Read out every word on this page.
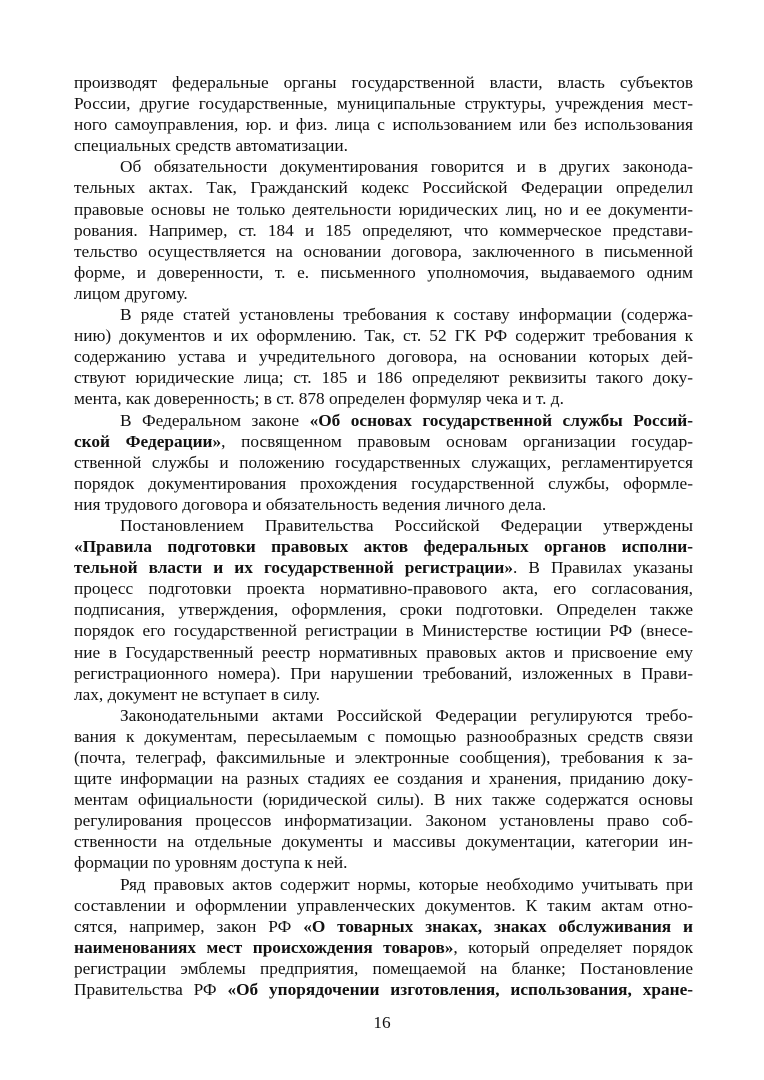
производят федеральные органы государственной власти, власть субъектов
России, другие государственные, муниципальные структуры, учреждения мест-
ного самоуправления, юр. и физ. лица с использованием или без использования
специальных средств автоматизации.
Об обязательности документирования говорится и в других законода-
тельных актах. Так, Гражданский кодекс Российской Федерации определил
правовые основы не только деятельности юридических лиц, но и ее документи-
рования. Например, ст. 184 и 185 определяют, что коммерческое представи-
тельство осуществляется на основании договора, заключенного в письменной
форме, и доверенности, т. е. письменного уполномочия, выдаваемого одним
лицом другому.
В ряде статей установлены требования к составу информации (содержа-
нию) документов и их оформлению. Так, ст. 52 ГК РФ содержит требования к
содержанию устава и учредительного договора, на основании которых дей-
ствуют юридические лица; ст. 185 и 186 определяют реквизиты такого доку-
мента, как доверенность; в ст. 878 определен формуляр чека и т. д.
В Федеральном законе «Об основах государственной службы Россий-
ской Федерации», посвященном правовым основам организации государ-
ственной службы и положению государственных служащих, регламентируется
порядок документирования прохождения государственной службы, оформле-
ния трудового договора и обязательность ведения личного дела.
Постановлением Правительства Российской Федерации утверждены
«Правила подготовки правовых актов федеральных органов исполни-
тельной власти и их государственной регистрации». В Правилах указаны
процесс подготовки проекта нормативно-правового акта, его согласования,
подписания, утверждения, оформления, сроки подготовки. Определен также
порядок его государственной регистрации в Министерстве юстиции РФ (внесе-
ние в Государственный реестр нормативных правовых актов и присвоение ему
регистрационного номера). При нарушении требований, изложенных в Прави-
лах, документ не вступает в силу.
Законодательными актами Российской Федерации регулируются требо-
вания к документам, пересылаемым с помощью разнообразных средств связи
(почта, телеграф, факсимильные и электронные сообщения), требования к за-
щите информации на разных стадиях ее создания и хранения, приданию доку-
ментам официальности (юридической силы). В них также содержатся основы
регулирования процессов информатизации. Законом установлены право соб-
ственности на отдельные документы и массивы документации, категории ин-
формации по уровням доступа к ней.
Ряд правовых актов содержит нормы, которые необходимо учитывать при
составлении и оформлении управленческих документов. К таким актам отно-
сятся, например, закон РФ «О товарных знаках, знаках обслуживания и
наименованиях мест происхождения товаров», который определяет порядок
регистрации эмблемы предприятия, помещаемой на бланке; Постановление
Правительства РФ «Об упорядочении изготовления, использования, хране-
16
